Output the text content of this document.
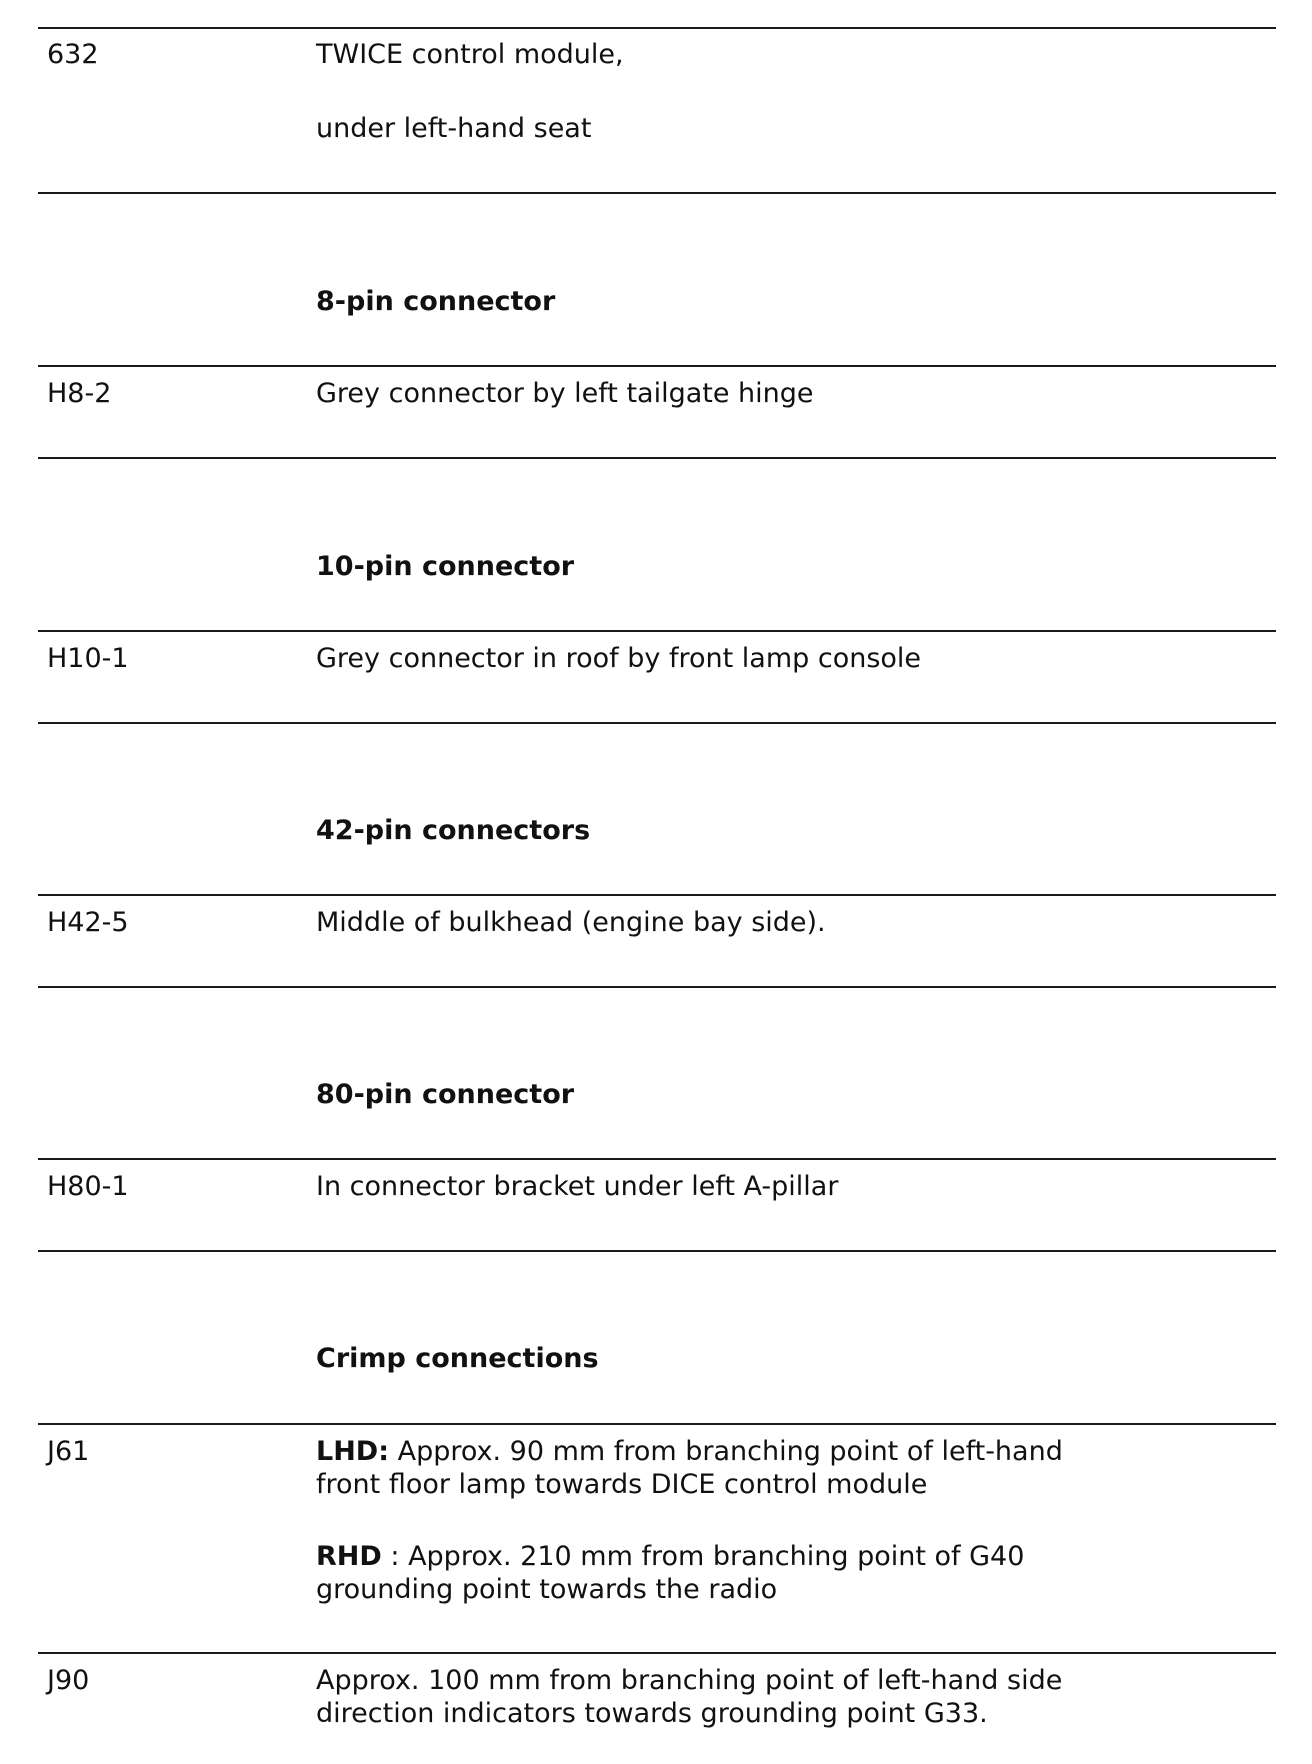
632	TWICE control module,
under left-hand seat
8-pin connector
H8-2	Grey connector by left tailgate hinge
10-pin connector
H10-1	Grey connector in roof by front lamp console
42-pin connectors
H42-5	Middle of bulkhead (engine bay side).
80-pin connector
H80-1	In connector bracket under left A-pillar
Crimp connections
J61	LHD: Approx. 90 mm from branching point of left-hand
front floor lamp towards DICE control module
RHD : Approx. 210 mm from branching point of G40
grounding point towards the radio
J90	Approx. 100 mm from branching point of left-hand side
direction indicators towards grounding point G33.
